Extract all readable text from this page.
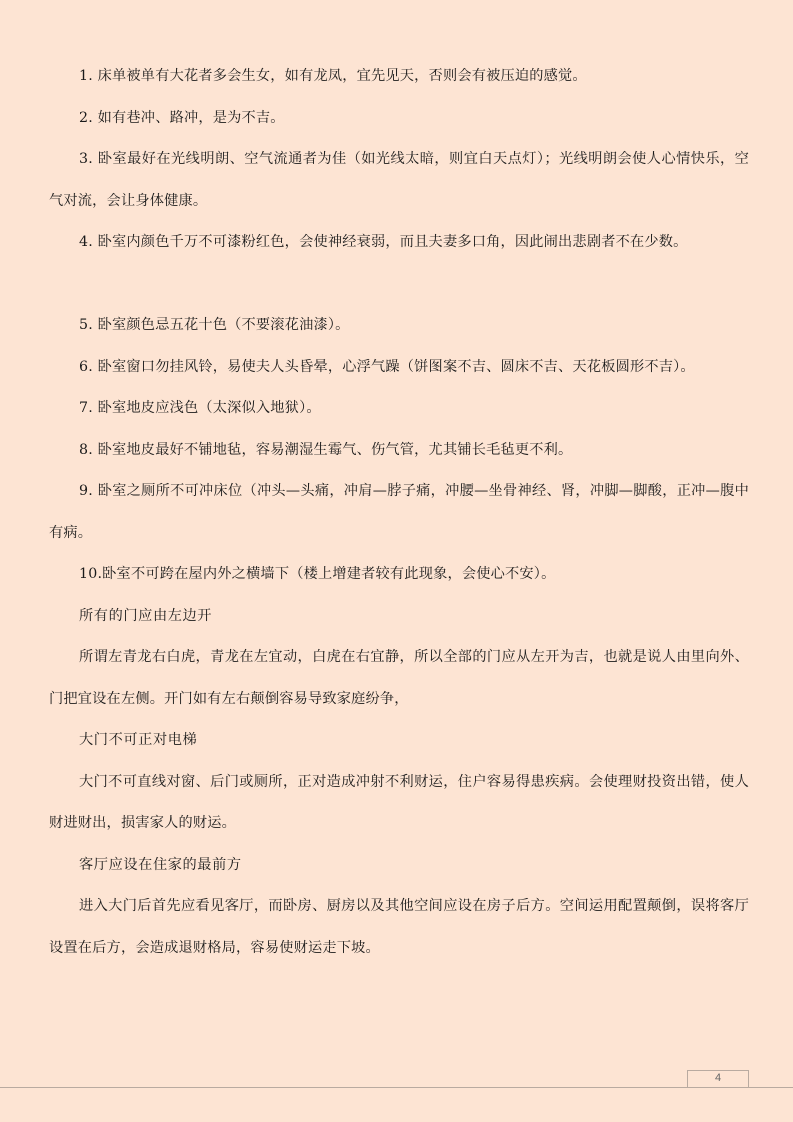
1. 床单被单有大花者多会生女，如有龙凤，宜先见天，否则会有被压迫的感觉。

2. 如有巷冲、路冲，是为不吉。

3. 卧室最好在光线明朗、空气流通者为佳（如光线太暗，则宜白天点灯）；光线明朗会使人心情快乐，空气对流，会让身体健康。

4. 卧室内颜色千万不可漆粉红色，会使神经衰弱，而且夫妻多口角，因此闹出悲剧者不在少数。

5. 卧室颜色忌五花十色（不要滚花油漆）。

6. 卧室窗口勿挂风铃，易使夫人头昏晕，心浮气躁（饼图案不吉、圆床不吉、天花板圆形不吉）。

7. 卧室地皮应浅色（太深似入地狱）。

8. 卧室地皮最好不铺地毡，容易潮湿生霉气、伤气管，尤其铺长毛毡更不利。

9. 卧室之厕所不可冲床位（冲头—头痛，冲肩—脖子痛，冲腰—坐骨神经、肾，冲脚—脚酸，正冲—腹中有病。

10.卧室不可跨在屋内外之横墙下（楼上增建者较有此现象，会使心不安）。

所有的门应由左边开

所谓左青龙右白虎，青龙在左宜动，白虎在右宜静，所以全部的门应从左开为吉，也就是说人由里向外、门把宜设在左侧。开门如有左右颠倒容易导致家庭纷争，

大门不可正对电梯

大门不可直线对窗、后门或厕所，正对造成冲射不利财运，住户容易得患疾病。会使理财投资出错，使人财进财出，损害家人的财运。

客厅应设在住家的最前方

进入大门后首先应看见客厅，而卧房、厨房以及其他空间应设在房子后方。空间运用配置颠倒，误将客厅设置在后方，会造成退财格局，容易使财运走下坡。

4
